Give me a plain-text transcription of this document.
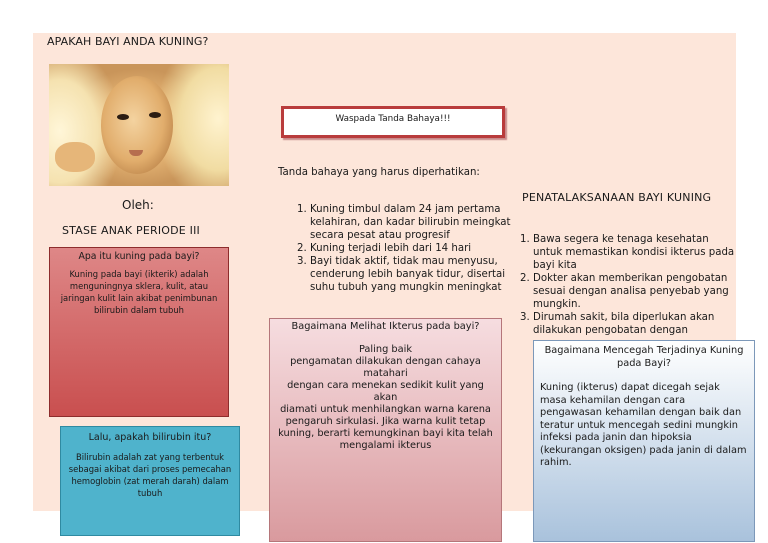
APAKAH BAYI ANDA KUNING?
Oleh:
STASE ANAK PERIODE III
Apa itu kuning pada bayi?
Kuning pada bayi (ikterik) adalah menguningnya sklera, kulit, atau jaringan kulit lain akibat penimbunan bilirubin dalam tubuh
Lalu, apakah bilirubin itu?
Bilirubin adalah zat yang terbentuk sebagai akibat dari proses pemecahan hemoglobin (zat merah darah) dalam tubuh
Waspada Tanda Bahaya!!!
Tanda bahaya yang harus diperhatikan:
1. Kuning timbul dalam 24 jam pertama kelahiran, dan kadar bilirubin meingkat secara pesat atau progresif
2. Kuning terjadi lebih dari 14 hari
3. Bayi tidak aktif, tidak mau menyusu, cenderung lebih banyak tidur, disertai suhu tubuh yang mungkin meningkat
PENATALAKSANAAN BAYI KUNING
1. Bawa segera ke tenaga kesehatan untuk memastikan kondisi ikterus pada bayi kita
2. Dokter akan memberikan pengobatan sesuai dengan analisa penyebab yang mungkin.
3. Dirumah sakit, bila diperlukan akan dilakukan pengobatan dengan
Bagaimana Melihat Ikterus pada bayi?
Paling baik
pengamatan dilakukan dengan cahaya matahari
dengan cara menekan sedikit kulit yang akan
diamati untuk menhilangkan warna karena
pengaruh sirkulasi. Jika warna kulit tetap
kuning, berarti kemungkinan bayi kita telah mengalami ikterus
Bagaimana Mencegah Terjadinya Kuning pada Bayi?
Kuning (ikterus) dapat dicegah sejak masa kehamilan dengan cara pengawasan kehamilan dengan baik dan teratur untuk mencegah sedini mungkin infeksi pada janin dan hipoksia (kekurangan oksigen) pada janin di dalam rahim.
